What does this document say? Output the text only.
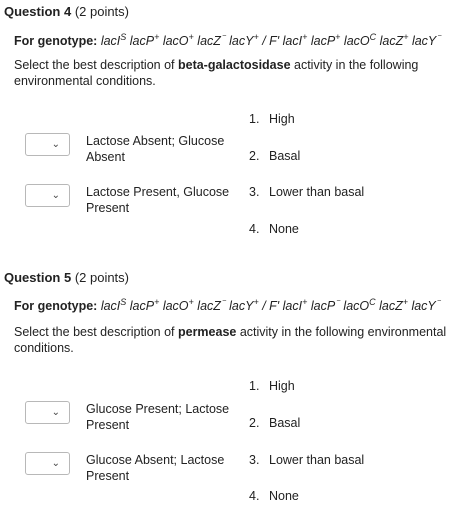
Question 4 (2 points)
For genotype: lacI$^S$ lacP+ lacO+ lacZ⁻ lacY+ / F' lacI+ lacP+ lacO$^C$ lacZ+ lacY⁻
Select the best description of beta-galactosidase activity in the following environmental conditions.
1. High
2. Basal
3. Lower than basal
4. None
⌄ Lactose Absent; Glucose Absent
⌄ Lactose Present, Glucose Present
Question 5 (2 points)
For genotype: lacI$^S$ lacP+ lacO+ lacZ⁻ lacY+ / F' lacI+ lacP⁻ lacO$^C$ lacZ+ lacY⁻
Select the best description of permease activity in the following environmental conditions.
1. High
2. Basal
3. Lower than basal
4. None
⌄ Glucose Present; Lactose Present
⌄ Glucose Absent; Lactose Present
